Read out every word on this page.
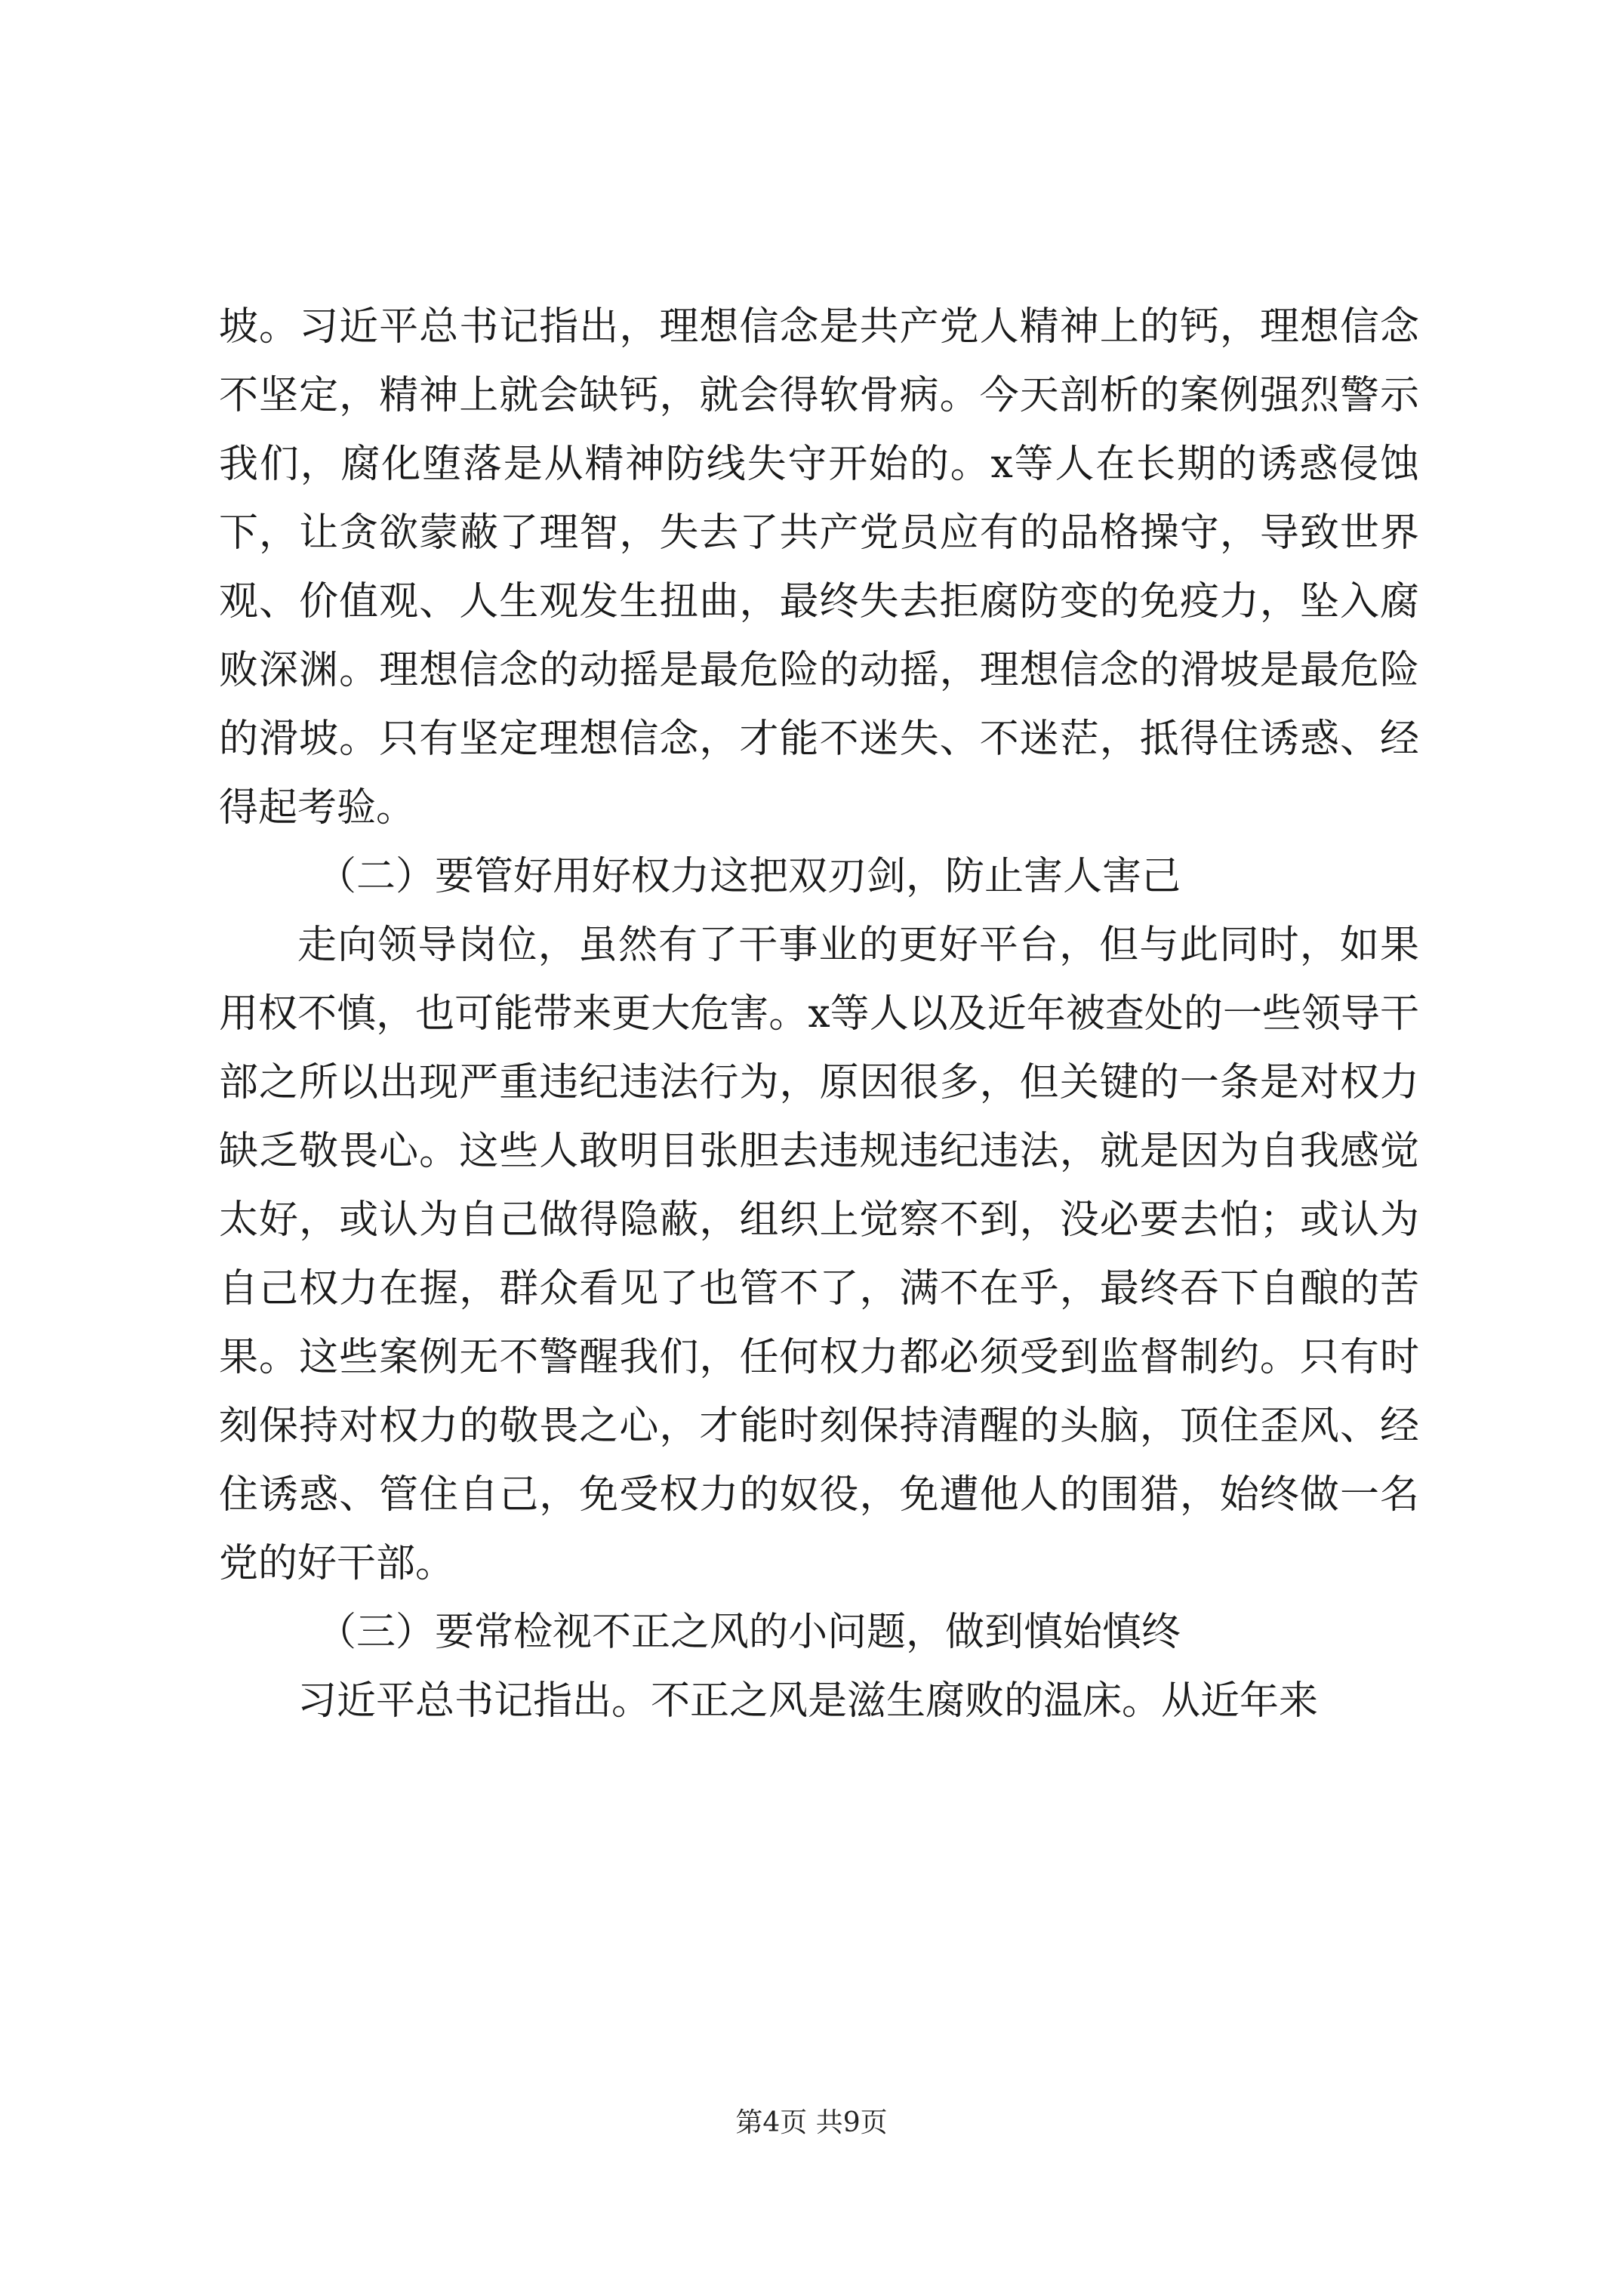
坡。习近平总书记指出，理想信念是共产党人精神上的钙，理想信念不坚定，精神上就会缺钙，就会得软骨病。今天剖析的案例强烈警示我们，腐化堕落是从精神防线失守开始的。x等人在长期的诱惑侵蚀下，让贪欲蒙蔽了理智，失去了共产党员应有的品格操守，导致世界观、价值观、人生观发生扭曲，最终失去拒腐防变的免疫力，坠入腐败深渊。理想信念的动摇是最危险的动摇，理想信念的滑坡是最危险的滑坡。只有坚定理想信念，才能不迷失、不迷茫，抵得住诱惑、经得起考验。

（二）要管好用好权力这把双刃剑，防止害人害己

走向领导岗位，虽然有了干事业的更好平台，但与此同时，如果用权不慎，也可能带来更大危害。x等人以及近年被查处的一些领导干部之所以出现严重违纪违法行为，原因很多，但关键的一条是对权力缺乏敬畏心。这些人敢明目张胆去违规违纪违法，就是因为自我感觉太好，或认为自己做得隐蔽，组织上觉察不到，没必要去怕；或认为自己权力在握，群众看见了也管不了，满不在乎，最终吞下自酿的苦果。这些案例无不警醒我们，任何权力都必须受到监督制约。只有时刻保持对权力的敬畏之心，才能时刻保持清醒的头脑，顶住歪风、经住诱惑、管住自己，免受权力的奴役，免遭他人的围猎，始终做一名党的好干部。

（三）要常检视不正之风的小问题，做到慎始慎终

习近平总书记指出。不正之风是滋生腐败的温床。从近年来

第4页 共9页
